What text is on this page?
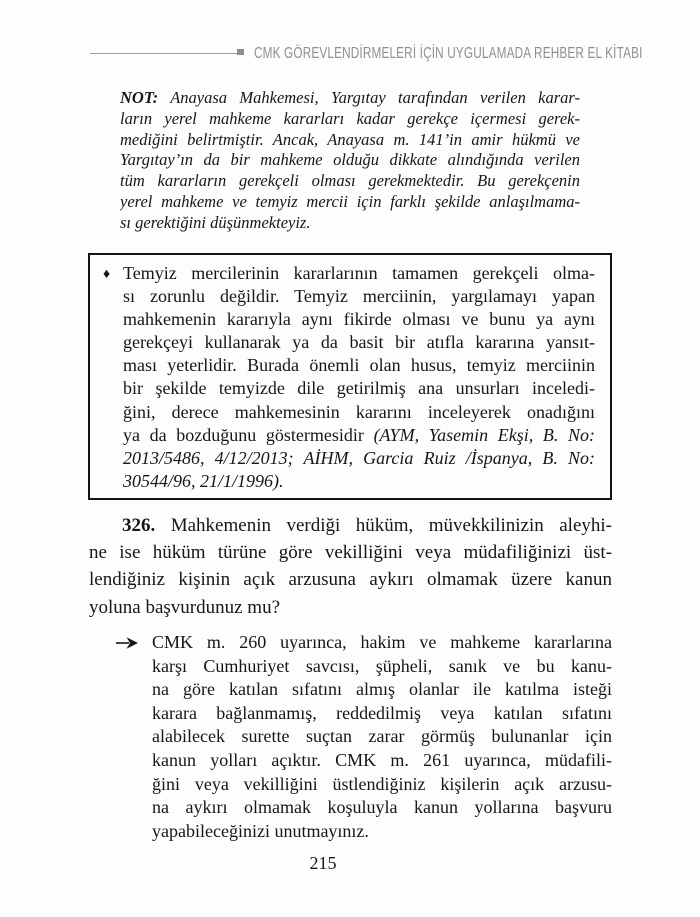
CMK GÖREVLENDİRMELERİ İÇİN UYGULAMADA REHBER EL KİTABI
NOT: Anayasa Mahkemesi, Yargıtay tarafından verilen karar-
ların yerel mahkeme kararları kadar gerekçe içermesi gerek-
mediğini belirtmiştir. Ancak, Anayasa m. 141’in amir hükmü ve
Yargıtay’ın da bir mahkeme olduğu dikkate alındığında verilen
tüm kararların gerekçeli olması gerekmektedir. Bu gerekçenin
yerel mahkeme ve temyiz mercii için farklı şekilde anlaşılmama-
sı gerektiğini düşünmekteyiz.
♦ Temyiz mercilerinin kararlarının tamamen gerekçeli olma-
sı zorunlu değildir. Temyiz merciinin, yargılamayı yapan
mahkemenin kararıyla aynı fikirde olması ve bunu ya aynı
gerekçeyi kullanarak ya da basit bir atıfla kararına yansıt-
ması yeterlidir. Burada önemli olan husus, temyiz merciinin
bir şekilde temyizde dile getirilmiş ana unsurları inceledi-
ğini, derece mahkemesinin kararını inceleyerek onadığını
ya da bozduğunu göstermesidir (AYM, Yasemin Ekşi, B. No:
2013/5486, 4/12/2013; AİHM, Garcia Ruiz /İspanya, B. No:
30544/96, 21/1/1996).
326. Mahkemenin verdiği hüküm, müvekkilinizin aleyhi-
ne ise hüküm türüne göre vekilliğini veya müdafiliğinizi üst-
lendiğiniz kişinin açık arzusuna aykırı olmamak üzere kanun
yoluna başvurdunuz mu?
CMK m. 260 uyarınca, hakim ve mahkeme kararlarına
karşı Cumhuriyet savcısı, şüpheli, sanık ve bu kanu-
na göre katılan sıfatını almış olanlar ile katılma isteği
karara bağlanmamış, reddedilmiş veya katılan sıfatını
alabilecek surette suçtan zarar görmüş bulunanlar için
kanun yolları açıktır. CMK m. 261 uyarınca, müdafili-
ğini veya vekilliğini üstlendiğiniz kişilerin açık arzusu-
na aykırı olmamak koşuluyla kanun yollarına başvuru
yapabileceğinizi unutmayınız.
215
